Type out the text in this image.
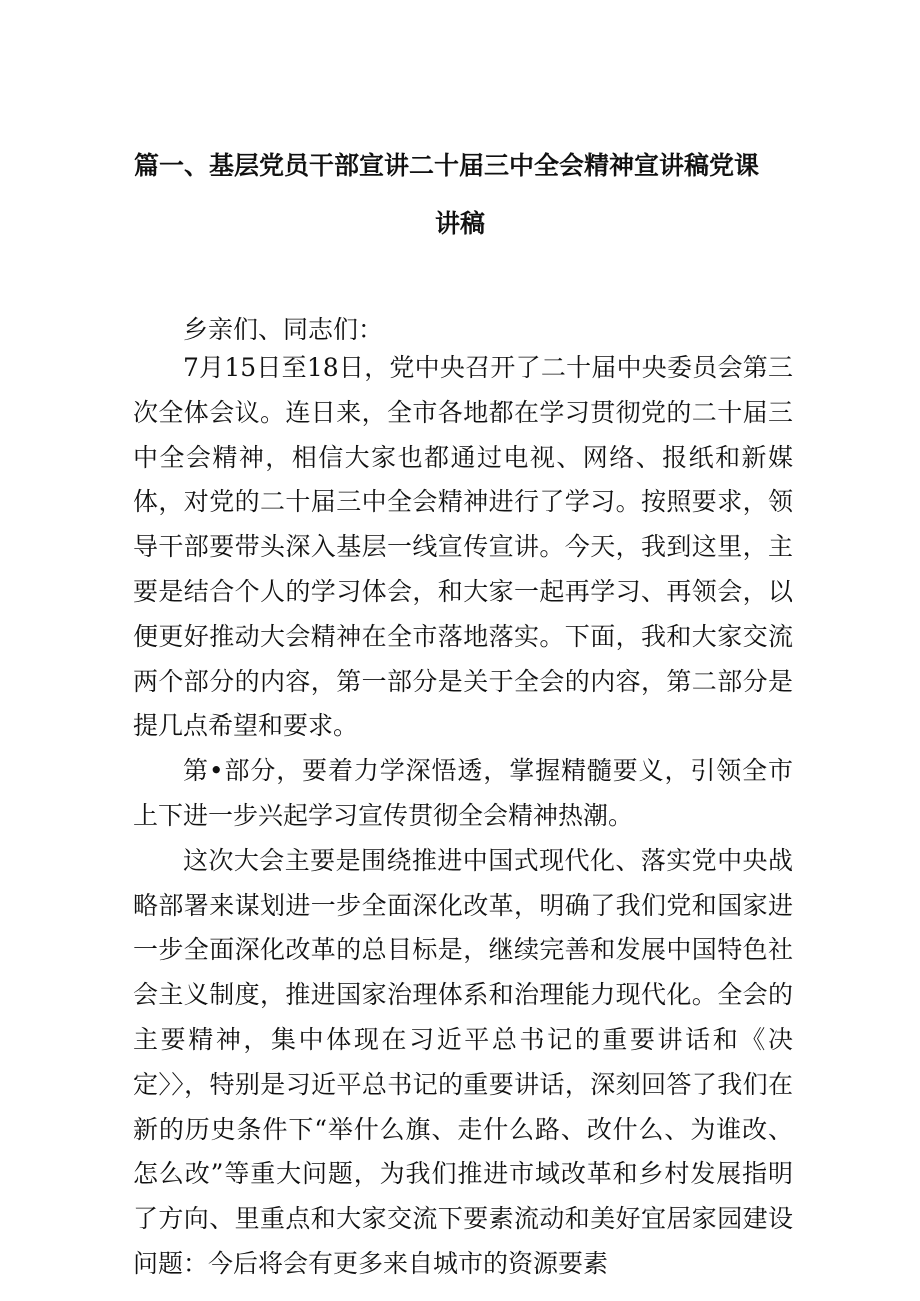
篇一、基层党员干部宣讲二十届三中全会精神宣讲稿党课
讲稿
乡亲们、同志们：

7月15日至18日，党中央召开了二十届中央委员会第三次全体会议。连日来，全市各地都在学习贯彻党的二十届三中全会精神，相信大家也都通过电视、网络、报纸和新媒体，对党的二十届三中全会精神进行了学习。按照要求，领导干部要带头深入基层一线宣传宣讲。今天，我到这里，主要是结合个人的学习体会，和大家一起再学习、再领会，以便更好推动大会精神在全市落地落实。下面，我和大家交流两个部分的内容，第一部分是关于全会的内容，第二部分是提几点希望和要求。

第•部分，要着力学深悟透，掌握精髓要义，引领全市上下进一步兴起学习宣传贯彻全会精神热潮。

这次大会主要是围绕推进中国式现代化、落实党中央战略部署来谋划进一步全面深化改革，明确了我们党和国家进一步全面深化改革的总目标是，继续完善和发展中国特色社会主义制度，推进国家治理体系和治理能力现代化。全会的主要精神，集中体现在习近平总书记的重要讲话和《决定〉〉，特别是习近平总书记的重要讲话，深刻回答了我们在新的历史条件下“举什么旗、走什么路、改什么、为谁改、怎么改”等重大问题，为我们推进市域改革和乡村发展指明了方向、里重点和大家交流下要素流动和美好宜居家园建设问题：今后将会有更多来自城市的资源要素
